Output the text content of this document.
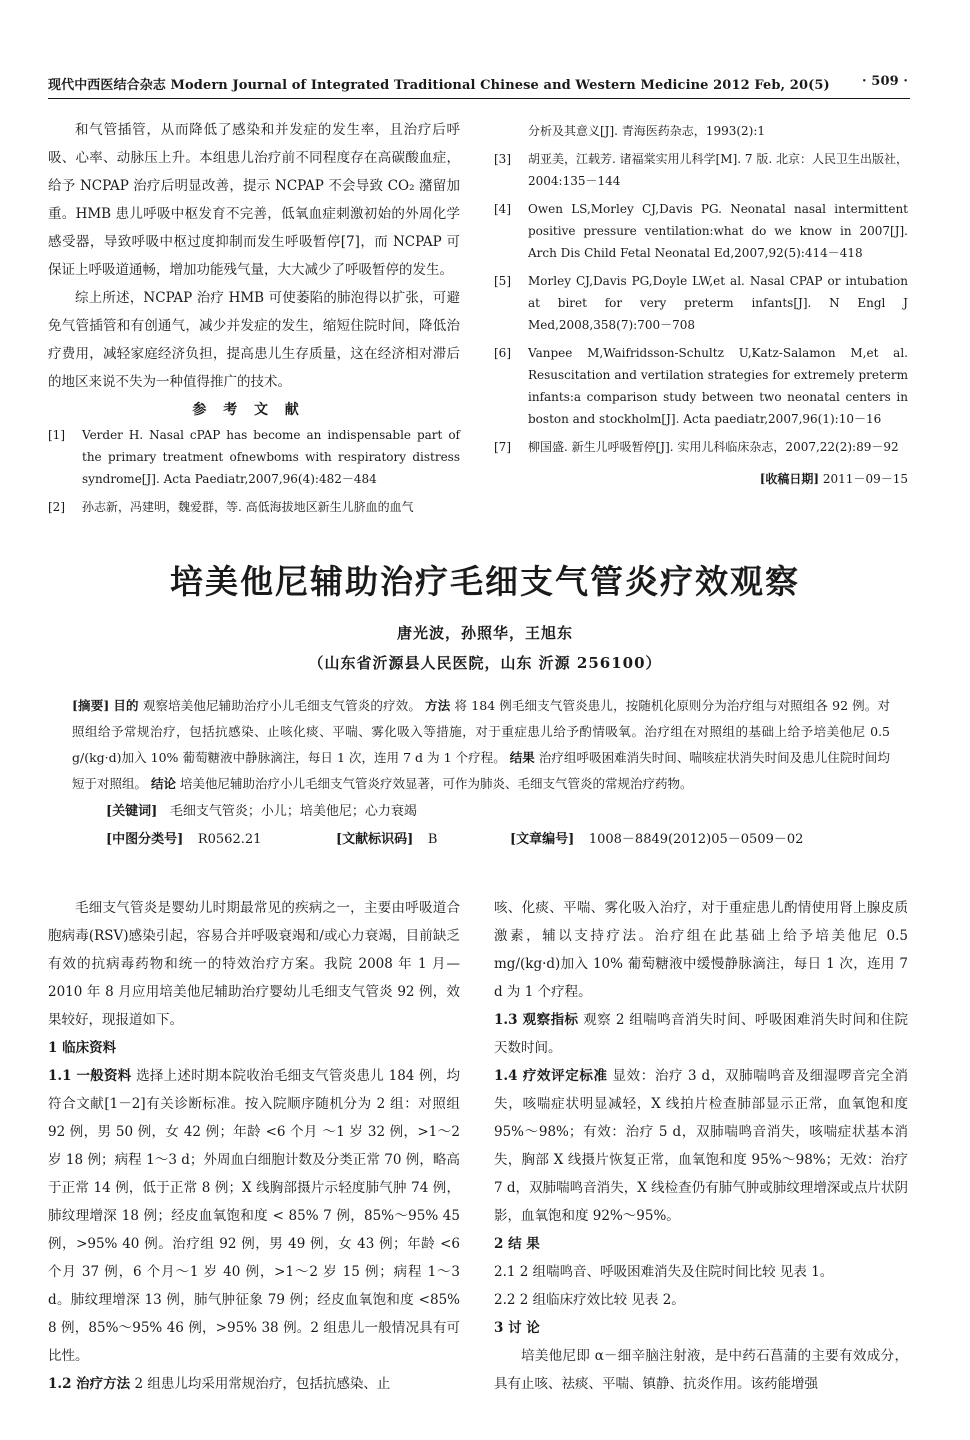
现代中西医结合杂志 Modern Journal of Integrated Traditional Chinese and Western Medicine 2012 Feb, 20(5) · 509 ·

和气管插管，从而降低了感染和并发症的发生率，且治疗后呼吸、心率、动脉压上升。本组患儿治疗前不同程度存在高碳酸血症，给予 NCPAP 治疗后明显改善，提示 NCPAP 不会导致 CO₂ 潴留加重。HMB 患儿呼吸中枢发育不完善，低氧血症刺激初始的外周化学感受器，导致呼吸中枢过度抑制而发生呼吸暂停[7]，而 NCPAP 可保证上呼吸道通畅，增加功能残气量，大大减少了呼吸暂停的发生。

综上所述，NCPAP 治疗 HMB 可使萎陷的肺泡得以扩张，可避免气管插管和有创通气，减少并发症的发生，缩短住院时间，降低治疗费用，减轻家庭经济负担，提高患儿生存质量，这在经济相对滞后的地区来说不失为一种值得推广的技术。

参考文献

[1] Verder H. Nasal cPAP has become an indispensable part of the primary treatment ofnewboms with respiratory distress syndrome[J]. Acta Paediatr,2007,96(4):482－484
[2] 孙志新，冯建明，魏爱群，等. 高低海拔地区新生儿脐血的血气
分析及其意义[J]. 青海医药杂志，1993(2):1
[3] 胡亚美，江载芳. 诸福棠实用儿科学[M]. 7 版. 北京：人民卫生出版社，2004:135－144
[4] Owen LS,Morley CJ,Davis PG. Neonatal nasal intermittent positive pressure ventilation:what do we know in 2007[J]. Arch Dis Child Fetal Neonatal Ed,2007,92(5):414－418
[5] Morley CJ,Davis PG,Doyle LW,et al. Nasal CPAP or intubation at biret for very preterm infants[J]. N Engl J Med,2008,358(7):700－708
[6] Vanpee M,Waifridsson-Schultz U,Katz-Salamon M,et al. Resuscitation and vertilation strategies for extremely preterm infants:a comparison study between two neonatal centers in boston and stockholm[J]. Acta paediatr,2007,96(1):10－16
[7] 柳国盛. 新生儿呼吸暂停[J]. 实用儿科临床杂志，2007,22(2):89－92
[收稿日期] 2011－09－15
培美他尼辅助治疗毛细支气管炎疗效观察
唐光波，孙照华，王旭东
（山东省沂源县人民医院，山东 沂源 256100）
[摘要] 目的 观察培美他尼辅助治疗小儿毛细支气管炎的疗效。 方法 将 184 例毛细支气管炎患儿，按随机化原则分为治疗组与对照组各 92 例。对照组给予常规治疗，包括抗感染、止咳化痰、平喘、雾化吸入等措施，对于重症患儿给予酌情吸氧。治疗组在对照组的基础上给予培美他尼 0.5 g/(kg·d)加入 10% 葡萄糖液中静脉滴注，每日 1 次，连用 7 d 为 1 个疗程。 结果 治疗组呼吸困难消失时间、喘咳症状消失时间及患儿住院时间均短于对照组。 结论 培美他尼辅助治疗小儿毛细支气管炎疗效显著，可作为肺炎、毛细支气管炎的常规治疗药物。
[关键词] 毛细支气管炎；小儿；培美他尼；心力衰竭
[中图分类号] R0562.21	[文献标识码] B	[文章编号] 1008－8849(2012)05－0509－02

毛细支气管炎是婴幼儿时期最常见的疾病之一，主要由呼吸道合胞病毒(RSV)感染引起，容易合并呼吸衰竭和/或心力衰竭，目前缺乏有效的抗病毒药物和统一的特效治疗方案。我院 2008 年 1 月—2010 年 8 月应用培美他尼辅助治疗婴幼儿毛细支气管炎 92 例，效果较好，现报道如下。

1 临床资料

1.1 一般资料 选择上述时期本院收治毛细支气管炎患儿 184 例，均符合文献[1－2]有关诊断标准。按入院顺序随机分为 2 组：对照组 92 例，男 50 例，女 42 例；年龄 <6 个月 ～1 岁 32 例，>1～2 岁 18 例；病程 1～3 d；外周血白细胞计数及分类正常 70 例，略高于正常 14 例，低于正常 8 例；X 线胸部摄片示轻度肺气肿 74 例，肺纹理增深 18 例；经皮血氧饱和度 < 85% 7 例，85%～95% 45 例，>95% 40 例。治疗组 92 例，男 49 例，女 43 例；年龄 <6 个月 37 例，6 个月～1 岁 40 例，>1～2 岁 15 例；病程 1～3 d。肺纹理增深 13 例，肺气肿征象 79 例；经皮血氧饱和度 <85% 8 例，85%～95% 46 例，>95% 38 例。2 组患儿一般情况具有可比性。

1.2 治疗方法 2 组患儿均采用常规治疗，包括抗感染、止

咳、化痰、平喘、雾化吸入治疗，对于重症患儿酌情使用肾上腺皮质激素，辅以支持疗法。治疗组在此基础上给予培美他尼 0.5 mg/(kg·d)加入 10% 葡萄糖液中缓慢静脉滴注，每日 1 次，连用 7 d 为 1 个疗程。

1.3 观察指标 观察 2 组喘鸣音消失时间、呼吸困难消失时间和住院天数时间。

1.4 疗效评定标准 显效：治疗 3 d，双肺喘鸣音及细湿啰音完全消失，咳喘症状明显减轻，X 线拍片检查肺部显示正常，血氧饱和度 95%～98%；有效：治疗 5 d，双肺喘鸣音消失，咳喘症状基本消失，胸部 X 线摄片恢复正常，血氧饱和度 95%～98%；无效：治疗 7 d，双肺喘鸣音消失，X 线检查仍有肺气肿或肺纹理增深或点片状阴影，血氧饱和度 92%～95%。

2 结 果

2.1 2 组喘鸣音、呼吸困难消失及住院时间比较 见表 1。

2.2 2 组临床疗效比较 见表 2。

3 讨 论

培美他尼即 α－细辛脑注射液，是中药石菖蒲的主要有效成分，具有止咳、祛痰、平喘、镇静、抗炎作用。该药能增强
